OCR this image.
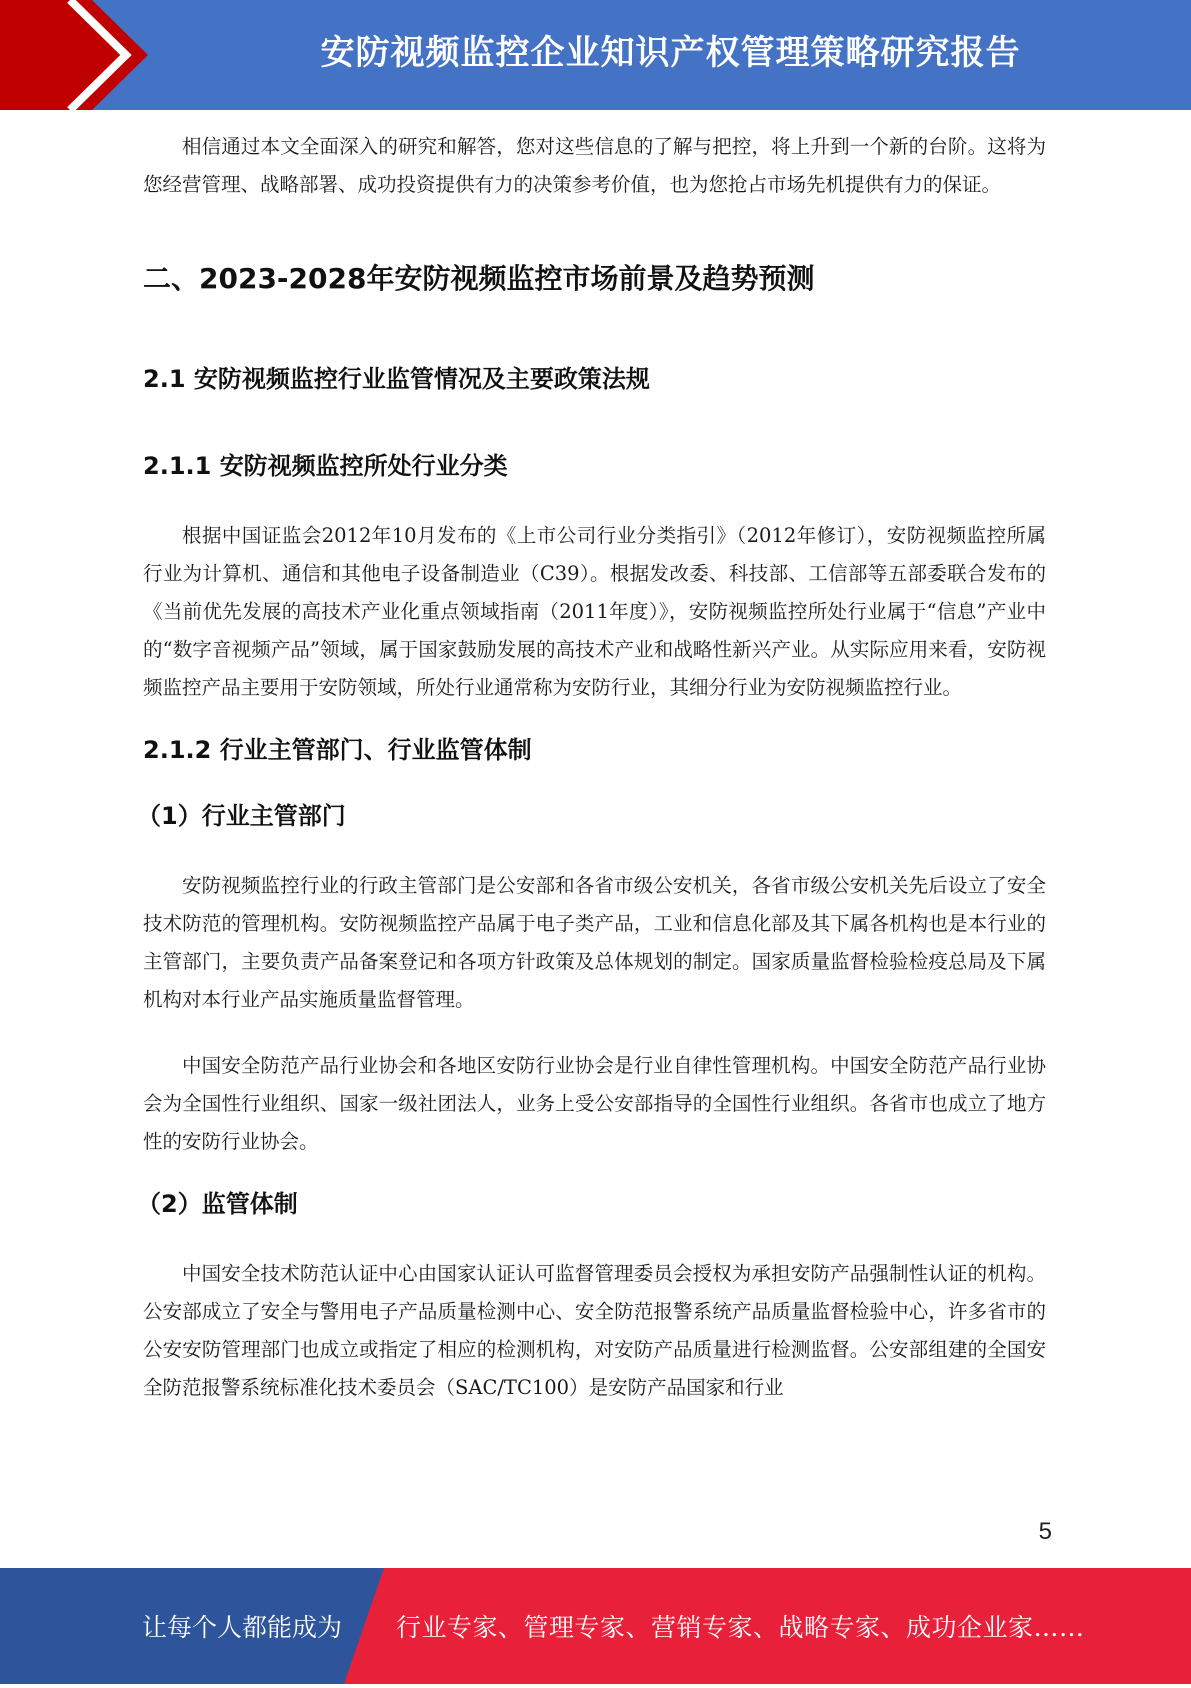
安防视频监控企业知识产权管理策略研究报告

相信通过本文全面深入的研究和解答，您对这些信息的了解与把控，将上升到一个新的台阶。这将为您经营管理、战略部署、成功投资提供有力的决策参考价值，也为您抢占市场先机提供有力的保证。

二、2023-2028年安防视频监控市场前景及趋势预测
2.1 安防视频监控行业监管情况及主要政策法规
2.1.1 安防视频监控所处行业分类

根据中国证监会2012年10月发布的《上市公司行业分类指引》（2012年修订），安防视频监控所属行业为计算机、通信和其他电子设备制造业（C39）。根据发改委、科技部、工信部等五部委联合发布的《当前优先发展的高技术产业化重点领域指南（2011年度）》，安防视频监控所处行业属于“信息”产业中的“数字音视频产品”领域，属于国家鼓励发展的高技术产业和战略性新兴产业。从实际应用来看，安防视频监控产品主要用于安防领域，所处行业通常称为安防行业，其细分行业为安防视频监控行业。

2.1.2 行业主管部门、行业监管体制
（1）行业主管部门

安防视频监控行业的行政主管部门是公安部和各省市级公安机关，各省市级公安机关先后设立了安全技术防范的管理机构。安防视频监控产品属于电子类产品，工业和信息化部及其下属各机构也是本行业的主管部门，主要负责产品备案登记和各项方针政策及总体规划的制定。国家质量监督检验检疫总局及下属机构对本行业产品实施质量监督管理。

中国安全防范产品行业协会和各地区安防行业协会是行业自律性管理机构。中国安全防范产品行业协会为全国性行业组织、国家一级社团法人，业务上受公安部指导的全国性行业组织。各省市也成立了地方性的安防行业协会。

（2）监管体制

中国安全技术防范认证中心由国家认证认可监督管理委员会授权为承担安防产品强制性认证的机构。公安部成立了安全与警用电子产品质量检测中心、安全防范报警系统产品质量监督检验中心，许多省市的公安安防管理部门也成立或指定了相应的检测机构，对安防产品质量进行检测监督。公安部组建的全国安全防范报警系统标准化技术委员会（SAC/TC100）是安防产品国家和行业

5
让每个人都能成为 行业专家、管理专家、营销专家、战略专家、成功企业家……
